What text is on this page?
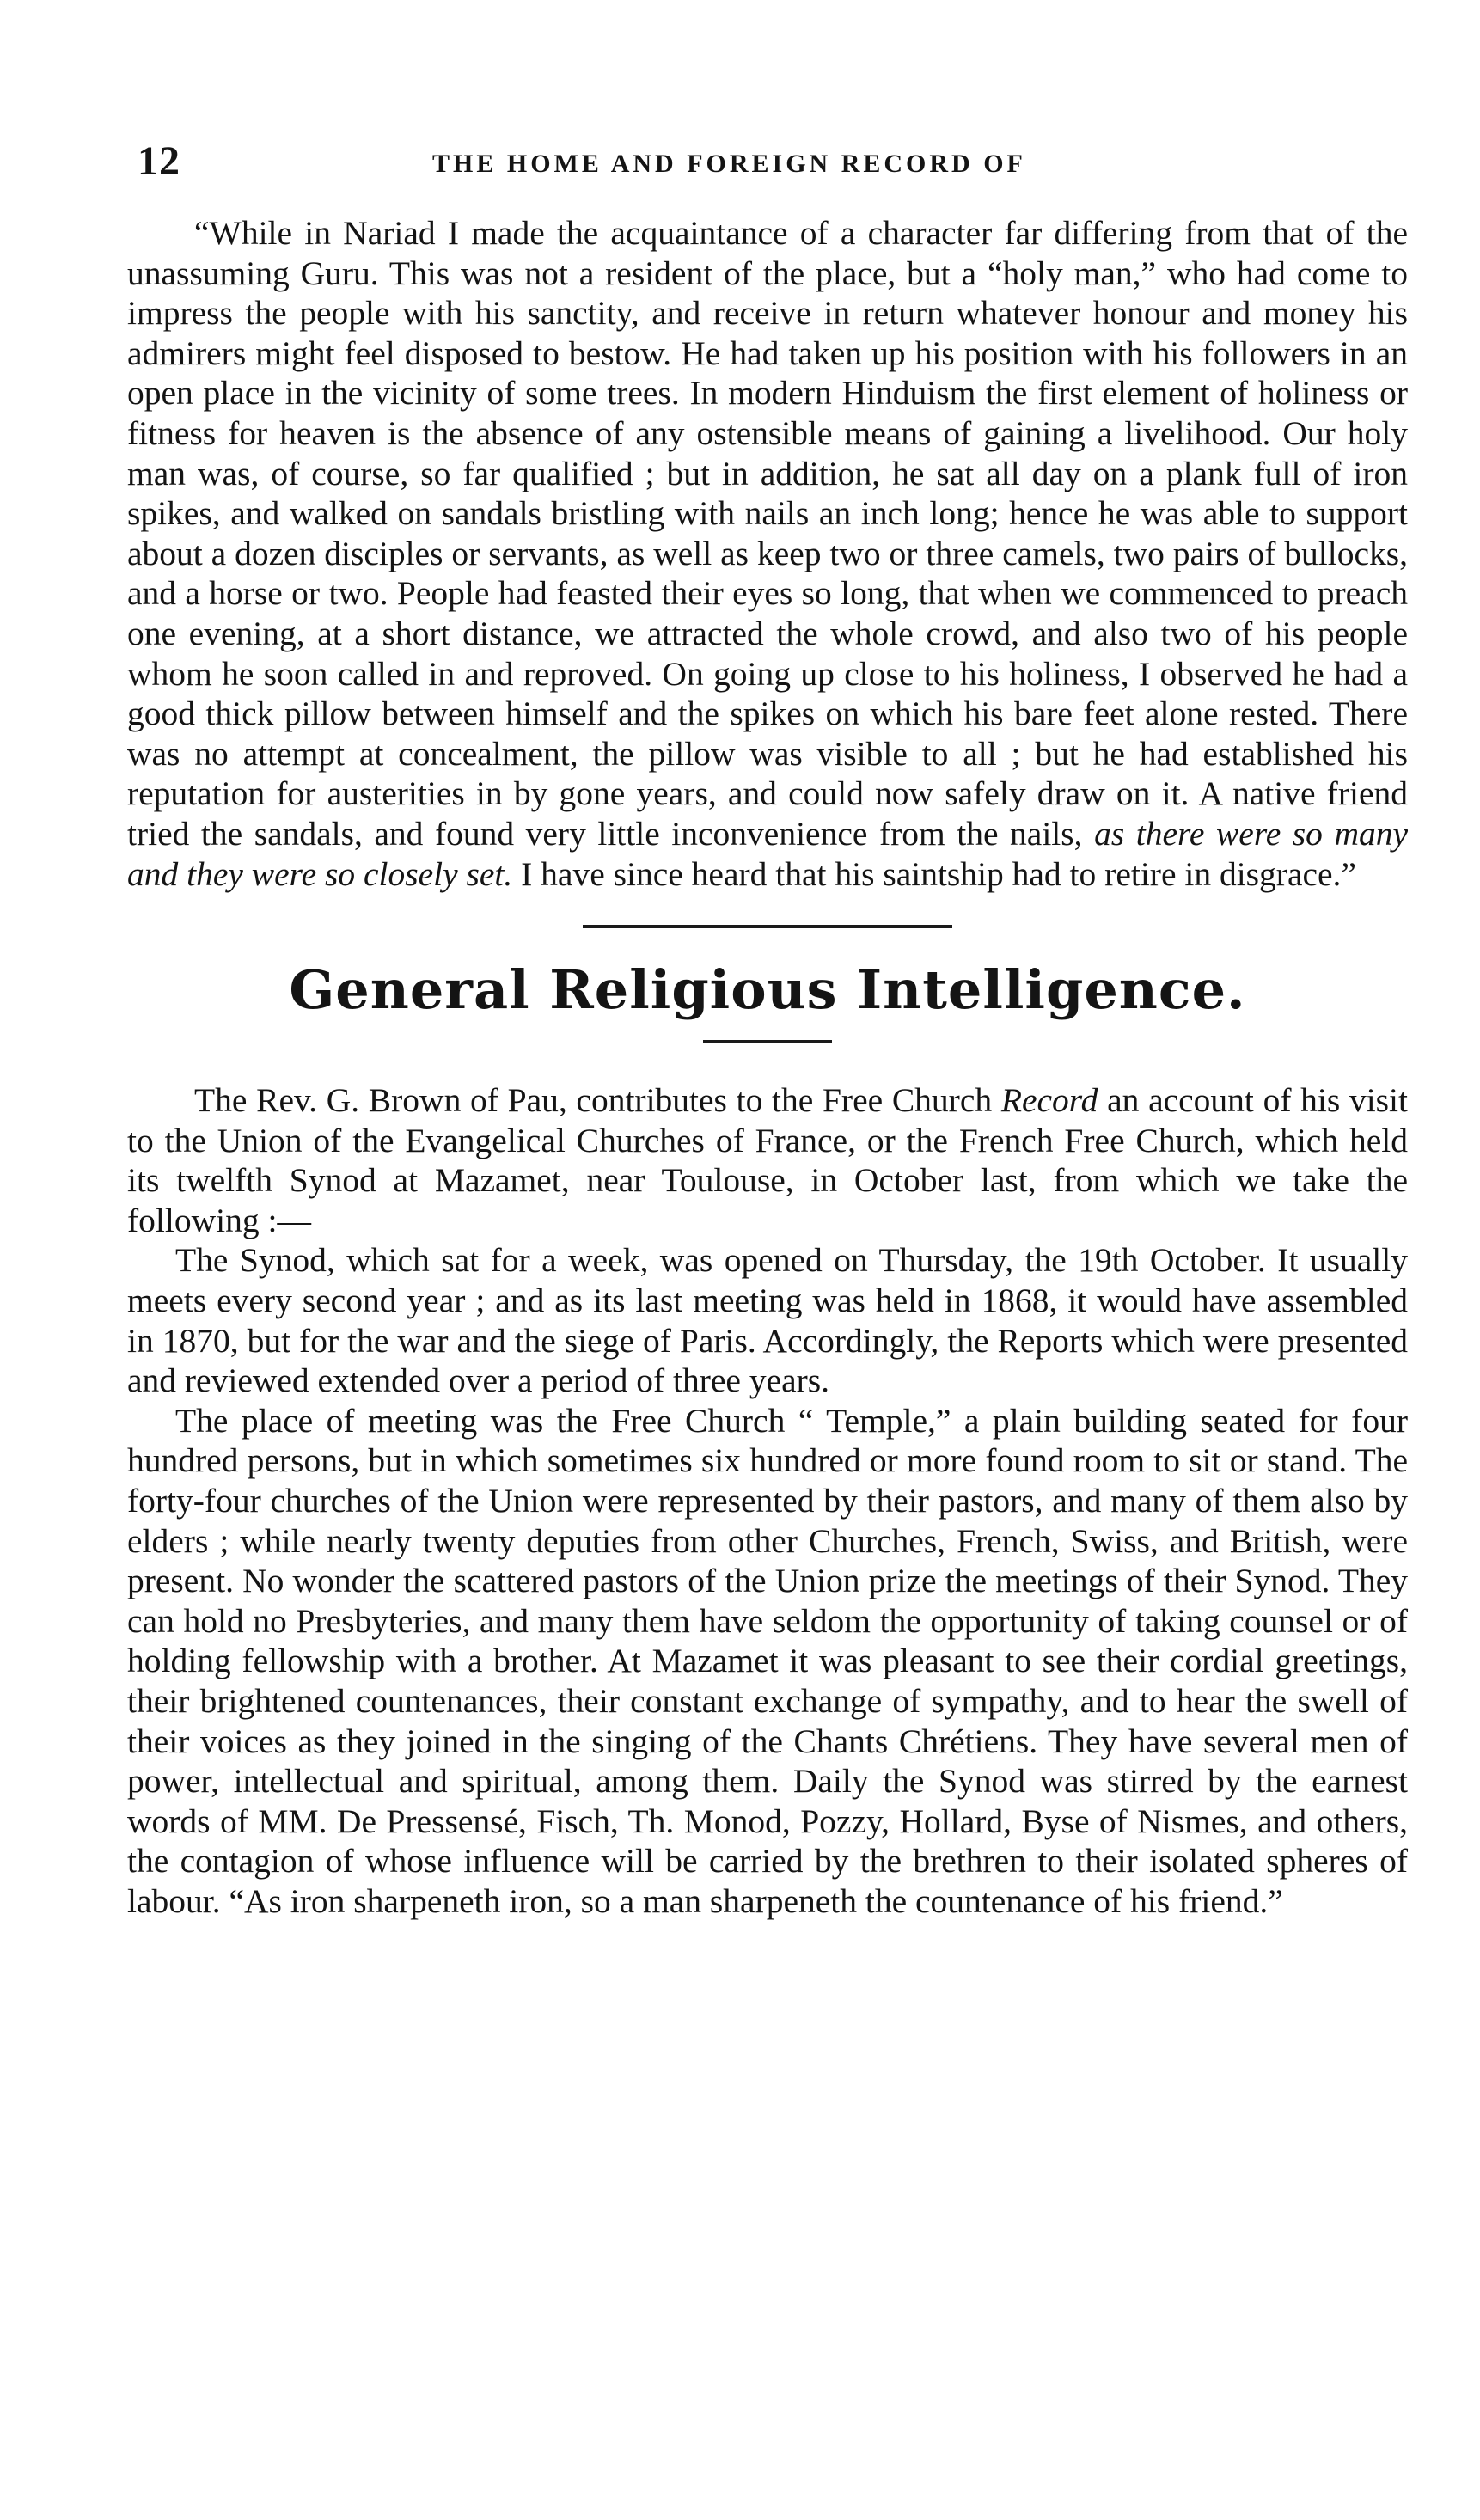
12	THE HOME AND FOREIGN RECORD OF

“While in Nariad I made the acquaintance of a character far differing from that of the unassuming Guru. This was not a resident of the place, but a “holy man,” who had come to impress the people with his sanctity, and receive in return whatever honour and money his admirers might feel disposed to bestow. He had taken up his position with his followers in an open place in the vicinity of some trees. In modern Hinduism the first element of holiness or fitness for heaven is the absence of any ostensible means of gaining a livelihood. Our holy man was, of course, so far qualified ; but in addition, he sat all day on a plank full of iron spikes, and walked on sandals bristling with nails an inch long; hence he was able to support about a dozen disciples or servants, as well as keep two or three camels, two pairs of bullocks, and a horse or two. People had feasted their eyes so long, that when we commenced to preach one evening, at a short distance, we attracted the whole crowd, and also two of his people whom he soon called in and reproved. On going up close to his holiness, I observed he had a good thick pillow between himself and the spikes on which his bare feet alone rested. There was no attempt at concealment, the pillow was visible to all ; but he had established his reputation for austerities in by gone years, and could now safely draw on it. A native friend tried the sandals, and found very little inconvenience from the nails, as there were so many and they were so closely set. I have since heard that his saintship had to retire in disgrace.”

General Religious Intelligence.

The Rev. G. Brown of Pau, contributes to the Free Church Record an account of his visit to the Union of the Evangelical Churches of France, or the French Free Church, which held its twelfth Synod at Mazamet, near Toulouse, in October last, from which we take the following :—

The Synod, which sat for a week, was opened on Thursday, the 19th October. It usually meets every second year ; and as its last meeting was held in 1868, it would have assembled in 1870, but for the war and the siege of Paris. Accordingly, the Reports which were presented and reviewed extended over a period of three years.

The place of meeting was the Free Church “ Temple,” a plain building seated for four hundred persons, but in which sometimes six hundred or more found room to sit or stand. The forty-four churches of the Union were represented by their pastors, and many of them also by elders ; while nearly twenty deputies from other Churches, French, Swiss, and British, were present. No wonder the scattered pastors of the Union prize the meetings of their Synod. They can hold no Presbyteries, and many them have seldom the opportunity of taking counsel or of holding fellowship with a brother. At Mazamet it was pleasant to see their cordial greetings, their brightened countenances, their constant exchange of sympathy, and to hear the swell of their voices as they joined in the singing of the Chants Chrétiens. They have several men of power, intellectual and spiritual, among them. Daily the Synod was stirred by the earnest words of MM. De Pressensé, Fisch, Th. Monod, Pozzy, Hollard, Byse of Nismes, and others, the contagion of whose influence will be carried by the brethren to their isolated spheres of labour. “As iron sharpeneth iron, so a man sharpeneth the countenance of his friend.”
